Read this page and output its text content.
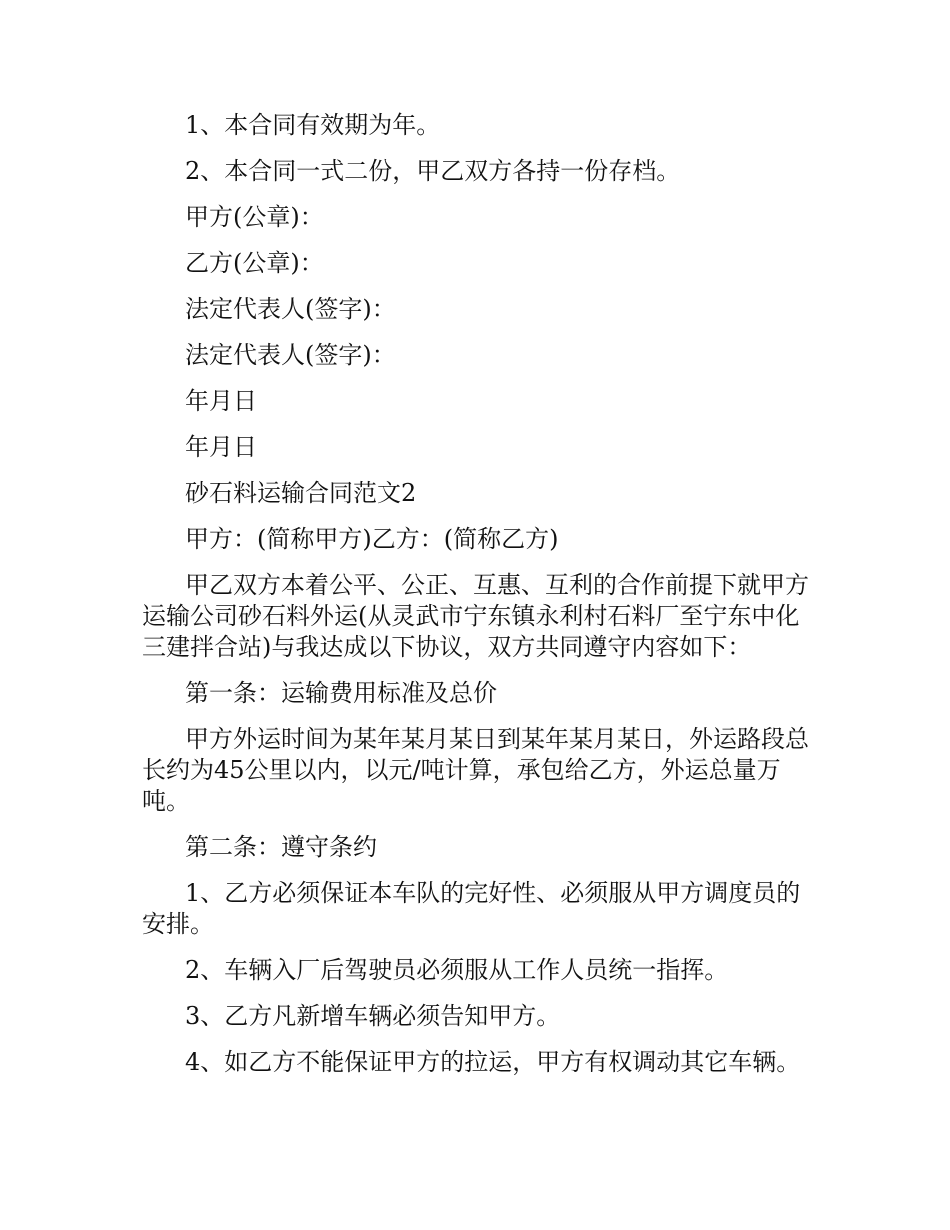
1、本合同有效期为年。

2、本合同一式二份，甲乙双方各持一份存档。

甲方(公章)：

乙方(公章)：

法定代表人(签字)：

法定代表人(签字)：

年月日

年月日

砂石料运输合同范文2

甲方：(简称甲方)乙方：(简称乙方)

甲乙双方本着公平、公正、互惠、互利的合作前提下就甲方运输公司砂石料外运(从灵武市宁东镇永利村石料厂至宁东中化三建拌合站)与我达成以下协议，双方共同遵守内容如下：

第一条：运输费用标准及总价

甲方外运时间为某年某月某日到某年某月某日，外运路段总长约为45公里以内，以元/吨计算，承包给乙方，外运总量万吨。

第二条：遵守条约

1、乙方必须保证本车队的完好性、必须服从甲方调度员的安排。

2、车辆入厂后驾驶员必须服从工作人员统一指挥。

3、乙方凡新增车辆必须告知甲方。

4、如乙方不能保证甲方的拉运，甲方有权调动其它车辆。
